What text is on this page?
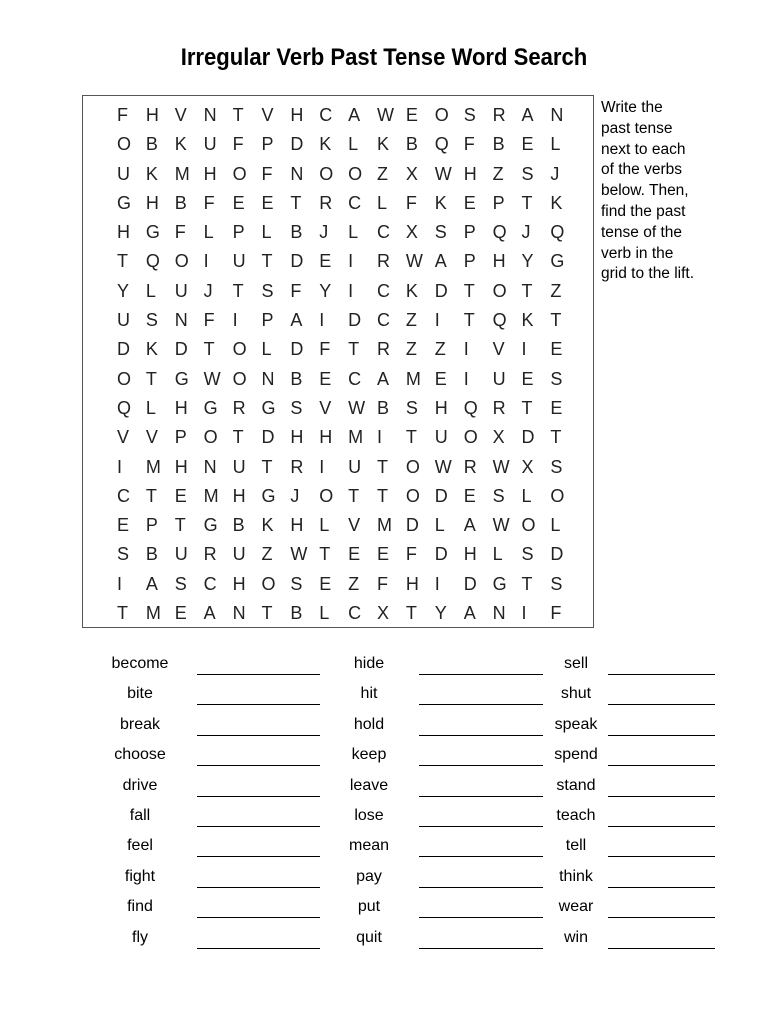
Irregular Verb Past Tense Word Search
F H V N T V H C A W E O S R A N
O B K U F P D K L	K B Q F B E L
U K M H O F N O O Z X W H Z S J
G H B F E E T R C L	F K E P T K
H G F L	P L	B J	L	C X S P Q J	Q
T Q O I	U T D E I	R W A P H Y G
Y L	U J	T S F Y I	C K D T O T Z
U S N F I	P A I	D C Z I	T Q K T
D K D T O L	D F T R Z Z I	V I	E
O T G W O N B E C A M E I	U E S
Q L	H G R G S V W B S H Q R T E
V V P O T D H H M I	T U O X D T
I	M H N U T R I	U T O W R W X S
C T E M H G J	O T T O D E S L	O
E P T G B K H L	V M D L	A W O L
S B U R U Z W T E E F D H L	S D
I	A S C H O S E Z F H I	D G T S
T M E A N T B L	C X T Y A N I	F
Write the
past tense
next to each
of the verbs
below. Then,
find the past
tense of the
verb in the
grid to the lift.
become
bite
break
choose
drive
fall
feel
fight
find
fly
hide
hit
hold
keep
leave
lose
mean
pay
put
quit
sell
shut
speak
spend
stand
teach
tell
think
wear
win
